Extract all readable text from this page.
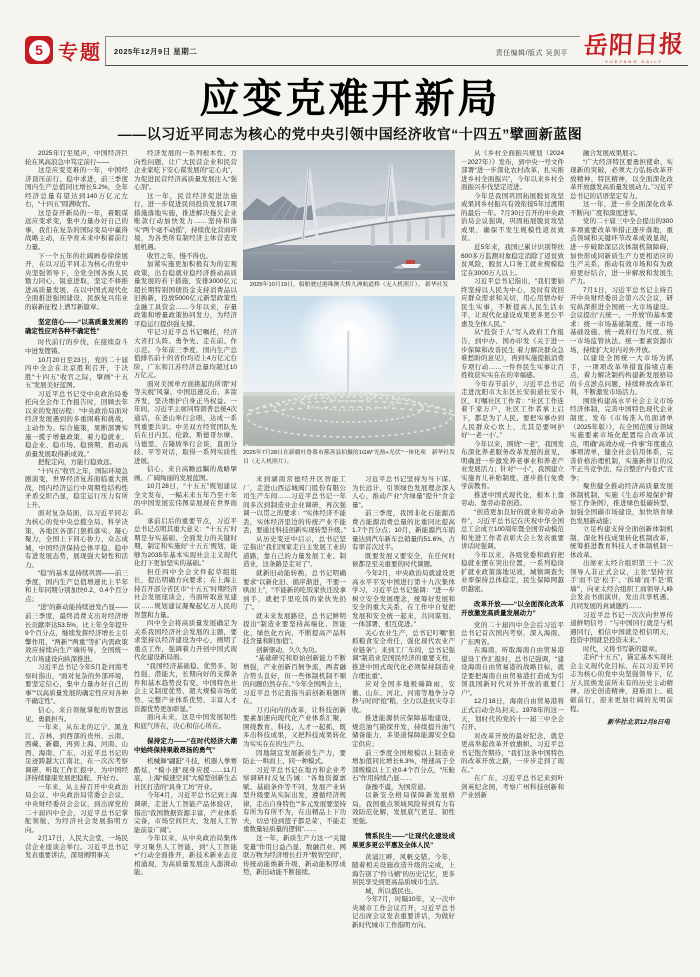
5 专题 2025年12月9日 星期二	责任编辑/版式 吴剑平 岳阳日报
YUEYANG DAILY
应变克难开新局
——以习近平同志为核心的党中央引领中国经济收官“十四五”擘画新蓝图
2025年10月19日，船舶驶过港珠澳大桥九洲航道桥（无人机照片）。 新华社发
新华社发
2025年7月28日在新疆吐鲁番市鄯善县拍摄的1GW“光热+光伏”一体化项目（无人机照片）。

2025年行至尾声，中国经济巨轮在风高浪急中笃定前行——

这是应变克难的一年，中国经济顶压前行、稳中求进，前三季度国内生产总值同比增长5.2%，全年经济总量有望达到140万亿元左右，“十四五”圆满收官。

这是奋开新局的一年，着眼谋远应变求变，集中力量办好自己的事，我们在复杂的国际变局中赢得战略主动，在孕育未来中积蓄前行力量。

下一个五年的壮阔画卷徐徐展开，在以习近平同志为核心的党中央坚强领导下，全党全国各族人民勠力同心、锐意进取，坚定不移推进高质量发展，在以中国式现代化全面推进强国建设、民族复兴伟业的崭新征程上谱写新篇章。

坚定信心——“以高质量发展的确定性应对各种不确定性”

时代前行的步伐，在接续奋斗中迸发铿锵。

10月20日至23日，党的二十届四中全会在北京胜利召开，于决胜“十四五”收官之际，擘画“十五五”发展美好蓝图。

习近平总书记受中央政治局委托向全会作工作报告时，回顾去年以来的发展历程：“中央政治局面对经济发展遇到的多重困难和挑战，主动作为、综合施策，果断部署实施一揽子增量政策，着力稳就业、稳企业、稳市场、稳预期，推动高质量发展取得新成效。”

把舵定向，方能行稳致远。

“十四五”收官之年，国际环境急剧演变，世界经济复苏面临重大挑战，国内经济运行中周期性结构性矛盾交织凸显，稳定运行压力有所上升。

面对复杂局面，以习近平同志为核心的党中央总揽全局、科学决策，各地区各部门狠抓落实、凝心聚力，全国上下同心协力、众志成城，中国经济保持总体平稳、稳中有进发展态势，展现强大韧性和活力。

“稳”的基本盘持续巩固——前三季度，国内生产总值增速比上半年和上年同期分别加快0.2、0.4个百分点；

“进”的新动能持续迸发凸显——前三季度，最终消费支出对经济增长贡献率达53.5%，比上年全年提升9个百分点，继续发挥经济增长主引擎作用，“两新”“两重”等扩内需政策效应持续向生产端传导，全国统一大市场建设向纵深推进。

习近平总书记今年5月赴河南考察时指出，“面对复杂的外部环境，要坚定信心，集中力量办好自己的事”“以高质量发展的确定性应对各种不确定性”。

信心，来自领航掌舵的智慧远见、勇毅担当。

一年来，从东北的辽宁、黑龙江、吉林，到西部的贵州、云南、西藏、新疆，再到上海、河南、山西、海南、广东，习近平总书记的足迹跨越大江南北，在一次次考察调研、听取工作汇报中，为中国经济持续健康发展把稳舵、开好方。

一年来，从主持召开中央政治局会议、中央政治局常委会会议、中央财经委员会会议，到出席党的二十届四中全会，习近平总书记掌舵领航，为经济社会发展指明方向。

2月17日，人民大会堂，一场民营企业座谈会举行。习近平总书记发表重要讲话，深刻阐明事关

经济发展的一系列根本性、方向性问题，让广大民营企业和民营企业家吃下安心谋发展的“定心丸”，为促进民营经济高质量发展注入“强心剂”。

这一年，民营经济促进法施行，进一步促进民间投资发展17项措施落地实施，推进解决拖欠企业账款行动加快发力……坚持和落实“两个毫不动摇”，持续优化营商环境，为各类所有制经济主体营造发展机遇。

收官之年，慢不得也。

加紧实施更加积极有为的宏观政策，出台稳就业稳经济推动高质量发展的若干措施，安排3000亿元超长期特别国债资金支持消费品以旧换新，投放5000亿元新型政策性金融工具资金……今年以来，存量政策和增量政策协同发力，为经济平稳运行提供强支撑。

牢记习近平总书记嘱托，经济大省打头阵、勇争先、走在前、作示范。今年前三季度，国内生产总值排名前十的省份均迈上4万亿元台阶，广东和江苏经济总量均超过10万亿元。

面对美国单方面挑起的所谓“对等关税”风暴，中国迅速反击、多箭齐发，坚决维护自身正当权益。一年间，习近平主席同特朗普总统4次通话，在釜山举行会晤，达成一系列重要共识。中美双方经贸团队先后在日内瓦、伦敦、斯德哥尔摩、马德里、吉隆坡举行会谈，直面分歧、平等对话，取得一系列实质性进展。

信心，来自高瞻远瞩的战略擘画、广阔绚丽的发展蓝图。

10月28日，“十五五”规划建议全文发布，一幅未来五年乃至十年的中国发展宏伟图景展现在世界面前。

承前启后的重要节点，习近平总书记点明其重大意义：“‘十五五’时期是夯实基础、全面发力的关键时期，制定和实施好‘十五五’规划，能够为2035年基本实现社会主义现代化打下更加坚实的基础。”

担任四中全会文件起草组组长，提出明确方向要求；在上海主持召开部分省区市“十五五”时期经济社会发展座谈会，当面听取意见建议……规划建议凝聚起亿万人民的智慧和力量。

四中全会将高质量发展确定为关系我国经济社会发展的主题，要求坚持以经济建设为中心，阐明了重点工作，强调着力开创中国式现代化建设新局面。

“我国经济基础稳、优势多、韧性强、潜能大，长期向好的支撑条件和基本趋势没有变，中国特色社会主义制度优势、超大规模市场优势、完整产业体系优势、丰富人才资源优势更加彰显。”

面向未来，这是中国发展韧性和底气所在，决心和信心所在。

保持定力——“在时代经济大潮中始终保持果敢昂扬的勇气”

机械舞“翩跹”斗技，机器人拳赛酷炫，“模小速”现身应援……11月底，上海“模速空间”大模型创新生态社区打造的“具身工坊”开业。

今年4月，习近平总书记到上海调研，走进人工智能产品体验店，指出“我国数据资源丰富，产业体系完备，市场空间巨大，发展人工智能前景广阔”。

今年以来，从中央政治局集体学习聚焦人工智能，到“人工智能+”行动全面推开，新技术新业态竞相涌现，为高质量发展注入澎湃动能。

来到湖南常德经开区智能工厂，走进山西运城阀门股份有限公司生产车间……习近平总书记一年间多次到制造业企业调研，再次强调一以贯之的要求：“实体经济不能丢，实体经济里边的传统产业不能丢，要通过科技创新实现转型升级。”

从历史变迁中启示，总书记坚定指出“我们国家走自主发展工业的道路，靠自己的力量发展工业、制造业，这条路是走对了”。

就新旧动能转换，总书记明确要求“以新化旧、循序渐进，不要一哄而上”，“不能新的吃饭家伙还没拿到手，就把手里吃饭的家伙先扔了”。

就未来发展路径，总书记鲜明提出“制造业要坚持高端化、智能化、绿色化方向，不断提高产品科技含量和附加值”。

创新驱动，久久为功。

“基础研究和原始创新能力不断增强，产业创新百舸争流，两者融合势头良好，但一些体制机制不顺的问题仍然存在。”今年全国两会上，习近平总书记直指当前创新难题所在。

刀刃向内的改革，让科技创新要素加速向现代化产业体系汇聚，围绕教育、科技、人才一起抓，既多出科技成果，又把科技成果转化为实实在在的生产力。

因地制宜发展新质生产力，要防止一哄而上、同一种模式。

习近平总书记在地方和企业考察调研时反复告诫：“各地资源禀赋、基础条件等不同，发展产业转型升级要从实际出发，遵循经济规律，走出自身特色”“多元发展要坚持有所为有所不为，在出精品上下功夫，切忌‘捡到篮子都是菜’，不能走重数量轻质量的逻辑”……

这一年，新质生产力这一“关键变量”作用日益凸显，数融百业、网联万物为经济增长打开“数智空间”，传统动能焕新升级、新动能积厚成势，新旧动能不断接续。

习近平总书记坚持为当下谋、为长远计，引领绿色发展理念深入人心，推动产业“含绿量”提升“含金量”。

前三季度，我国非化石能源消费占能源消费总量的比重同比提高1.7个百分点；10月，新能源汽车销量达到汽车新车总销量的51.6%，占有率首次过半。

既要发展又要安全，在任何时候都是至关重要的时代课题。

今年2月，中央政治局就建设更高水平平安中国进行第十九次集体学习，习近平总书记强调：“进一步树立安全发展理念，统筹好发展和安全的重大关系，在工作中自觉把发展和安全统一起来，共同谋划、一体部署、相互促进。”

关心农业生产，总书记叮嘱“狠抓粮食安全责任，强化现代农业产业链条”；来到工厂车间，总书记强调“制造业是国民经济的重要支柱，推进中国式现代化必须保持制造业合理比重”。

应对全国多地极端降雨，安徽、山东、河北、河南等地争分夺秒与时间“抢”粮，全力以赴抗灾夺丰收。

推进能源供应保障基地建设，规范油气勘探开发，持续提升油气储备能力，多渠道保障能源安全稳定供应；

前三季度全国规模以上制造业增加值同比增长6.3%，增速高于全部规模以上工业0.4个百分点，“压舱石”作用持续凸显……

备豫不虞，为国常道。

以新安全格局保障新发展格局，我国重点领域风险得到有力有效防范化解，发展底气更足、韧性更强。

情系民生——“让现代化建设成果更多更公平惠及全体人民”

黄浦江畔，风帆交错。今年，随着相关设施改造升级的完成，上海告别了“拎马桶”的历史记忆，更多居民享受到更高品质城市生活。

城，所以盛民也。

今年7月，时隔10年，又一次中央城市工作会议召开，习近平总书记出席会议发表重要讲话，为做好新时代城市工作指明方向。

从《乡村全面振兴规划（2024－2027年）》发布，到中央一号文件部署“进一步深化农村改革，扎实推进乡村全面振兴”，今年以来乡村全面振兴步伐坚定迈进。

今年是我国巩固拓展脱贫攻坚成果同乡村振兴有效衔接5年过渡期的最后一年。7月30日召开的中央政治局会议强调，巩固拓展脱贫攻坚成果，确保不发生规模性返贫致贫。

近5年来，我国已累计识别帮扶600多万监测对象稳定消除了返贫致贫风险，脱贫人口务工就业规模稳定在3000万人以上。

习近平总书记指出，“我们要始终坚持以人民为中心，及时有效回应群众需求和关切，用心用情办好民生实事，不断提高人民生活水平，让现代化建设成果更多更公平惠及全体人民。”

从“投资于人”写入政府工作报告，到中办、国办印发《关于进一步保障和改善民生 着力解决群众急难愁盼的意见》，再到实施提振消费专项行动……一件件民生实事让百姓收获实实在在的幸福感。

今年春节前夕，习近平总书记走进沈阳市大东区长安街道长安小区，叮嘱社区工作者：“社区工作连着千家万户，社区工作者承上启下，都是为了人民，要把实事办到人民群众心坎上，尤其是要呵护好‘一老一小’。”

今年以来，围绕“一老”，我国发布深化养老服务改革发展的意见，明确进一步激发养老事业和养老产业发展活力；针对“一小”，我国建立实施育儿补贴制度，逐步推行免费学前教育。

推进中国式现代化，根本上靠劳动、靠劳动者创造。

“创造更加良好的就业和劳动条件”，习近平总书记在庆祝中华全国总工会成立100周年暨全国劳动模范和先进工作者表彰大会上发表重要讲话时强调。

今年以来，各级党委和政府把稳就业摆在突出位置，一系列稳岗扩就业政策落地见效，城镇调查失业率保持总体稳定，民生保障网越织越密。

改革开放——“以全面深化改革开放激发高质量发展动力”

党的二十届四中全会后习近平总书记首次国内考察，深入海南、广东两省。

在海南，听取海南自由贸易港建设工作汇报时，总书记强调，“建设海南自由贸易港的战略目标，就是要把海南自由贸易港打造成为引领我国新时代对外开放的重要门户”。

12月18日，海南自由贸易港将正式启动全岛封关。1978年的这一天，划时代的党的十一届三中全会召开。

对改革开放的最好纪念，就是更高举起改革开放旗帜。习近平总书记饱含期待，“我们这条中国特色的改革开放之路，一步步走到了现在。”

在广东，习近平总书记来到叶剑英纪念园，考察广州科技创新和产业创新

融合发展成果展示。

“广大经济特区要勇担使命、实现新的突破，必须大力弘扬改革开放精神、特区精神，以全面深化改革开放激发高质量发展动力。”习近平总书记的话语坚定有力。

这一年，进一步全面深化改革不断向广度和深度进军。

党的二十届三中全会提出的300多项重要改革举措正逐步落地，重点领域和关键环节改革成效显现，进一步破除深层次体制机制障碍，加快形成同新质生产力更相适应的生产关系，推动有效市场和有为政府更好结合，进一步解放和发展生产力。

7月1日，习近平总书记主持召开中央财经委员会第六次会议，研究纵深推进全国统一大市场建设。会议提出“五统一、一开放”的基本要求：统一市场基础制度、统一市场基础设施、统一政府行为尺度、统一市场监管执法、统一要素资源市场，持续扩大对内对外开放。

以建设全国统一大市场为抓手，一项项改革举措直指堵点难点，着力解决制约构建新发展格局的卡点淤点问题，持续释放改革红利，不断激发市场活力。

围绕构建高水平社会主义市场经济体制，完善中国特色现代企业制度，发布《市场准入负面清单（2025年版）》，在全国范围分领域实施要素市场化配置综合改革试点，明确“高效办成一件事”年度重点事项清单，健全社会信用体系，完善价格治理机制，实施新修订的反不正当竞争法，综合整治“内卷式”竞争；

聚焦健全推动经济高质量发展体制机制，实施《生态环境保护督察工作条例》，推进绿色低碳转型，加强全国碳市场建设，加快培育绿色发展新动能；

立足构建支持全面创新体制机制，深化科技成果转化机制改革，统筹推进教育科技人才体制机制一体改革。

出席亚太经合组织第三十二次领导人非正式会议，主张“坚持‘拉手’而不是‘松手’、‘拆墙’而不是‘筑墙’”，向亚太经合组织工商领导人峰会发表书面演讲，发出共享机遇、共同发展的真诚邀约……

习近平总书记一次次向世界传递鲜明信号：“与中国同行就是与机遇同行，相信中国就是相信明天，投资中国就是投资未来。”

时代，又将书写新的篇章。

走向“十五五”，锚定基本实现社会主义现代化目标，在以习近平同志为核心的党中央坚强领导下，亿万人民焕发前所未有的历史主动精神、历史创造精神，迎难而上、砥砺前行，迎来更加壮阔的光明前程。

新华社北京12月8日电
